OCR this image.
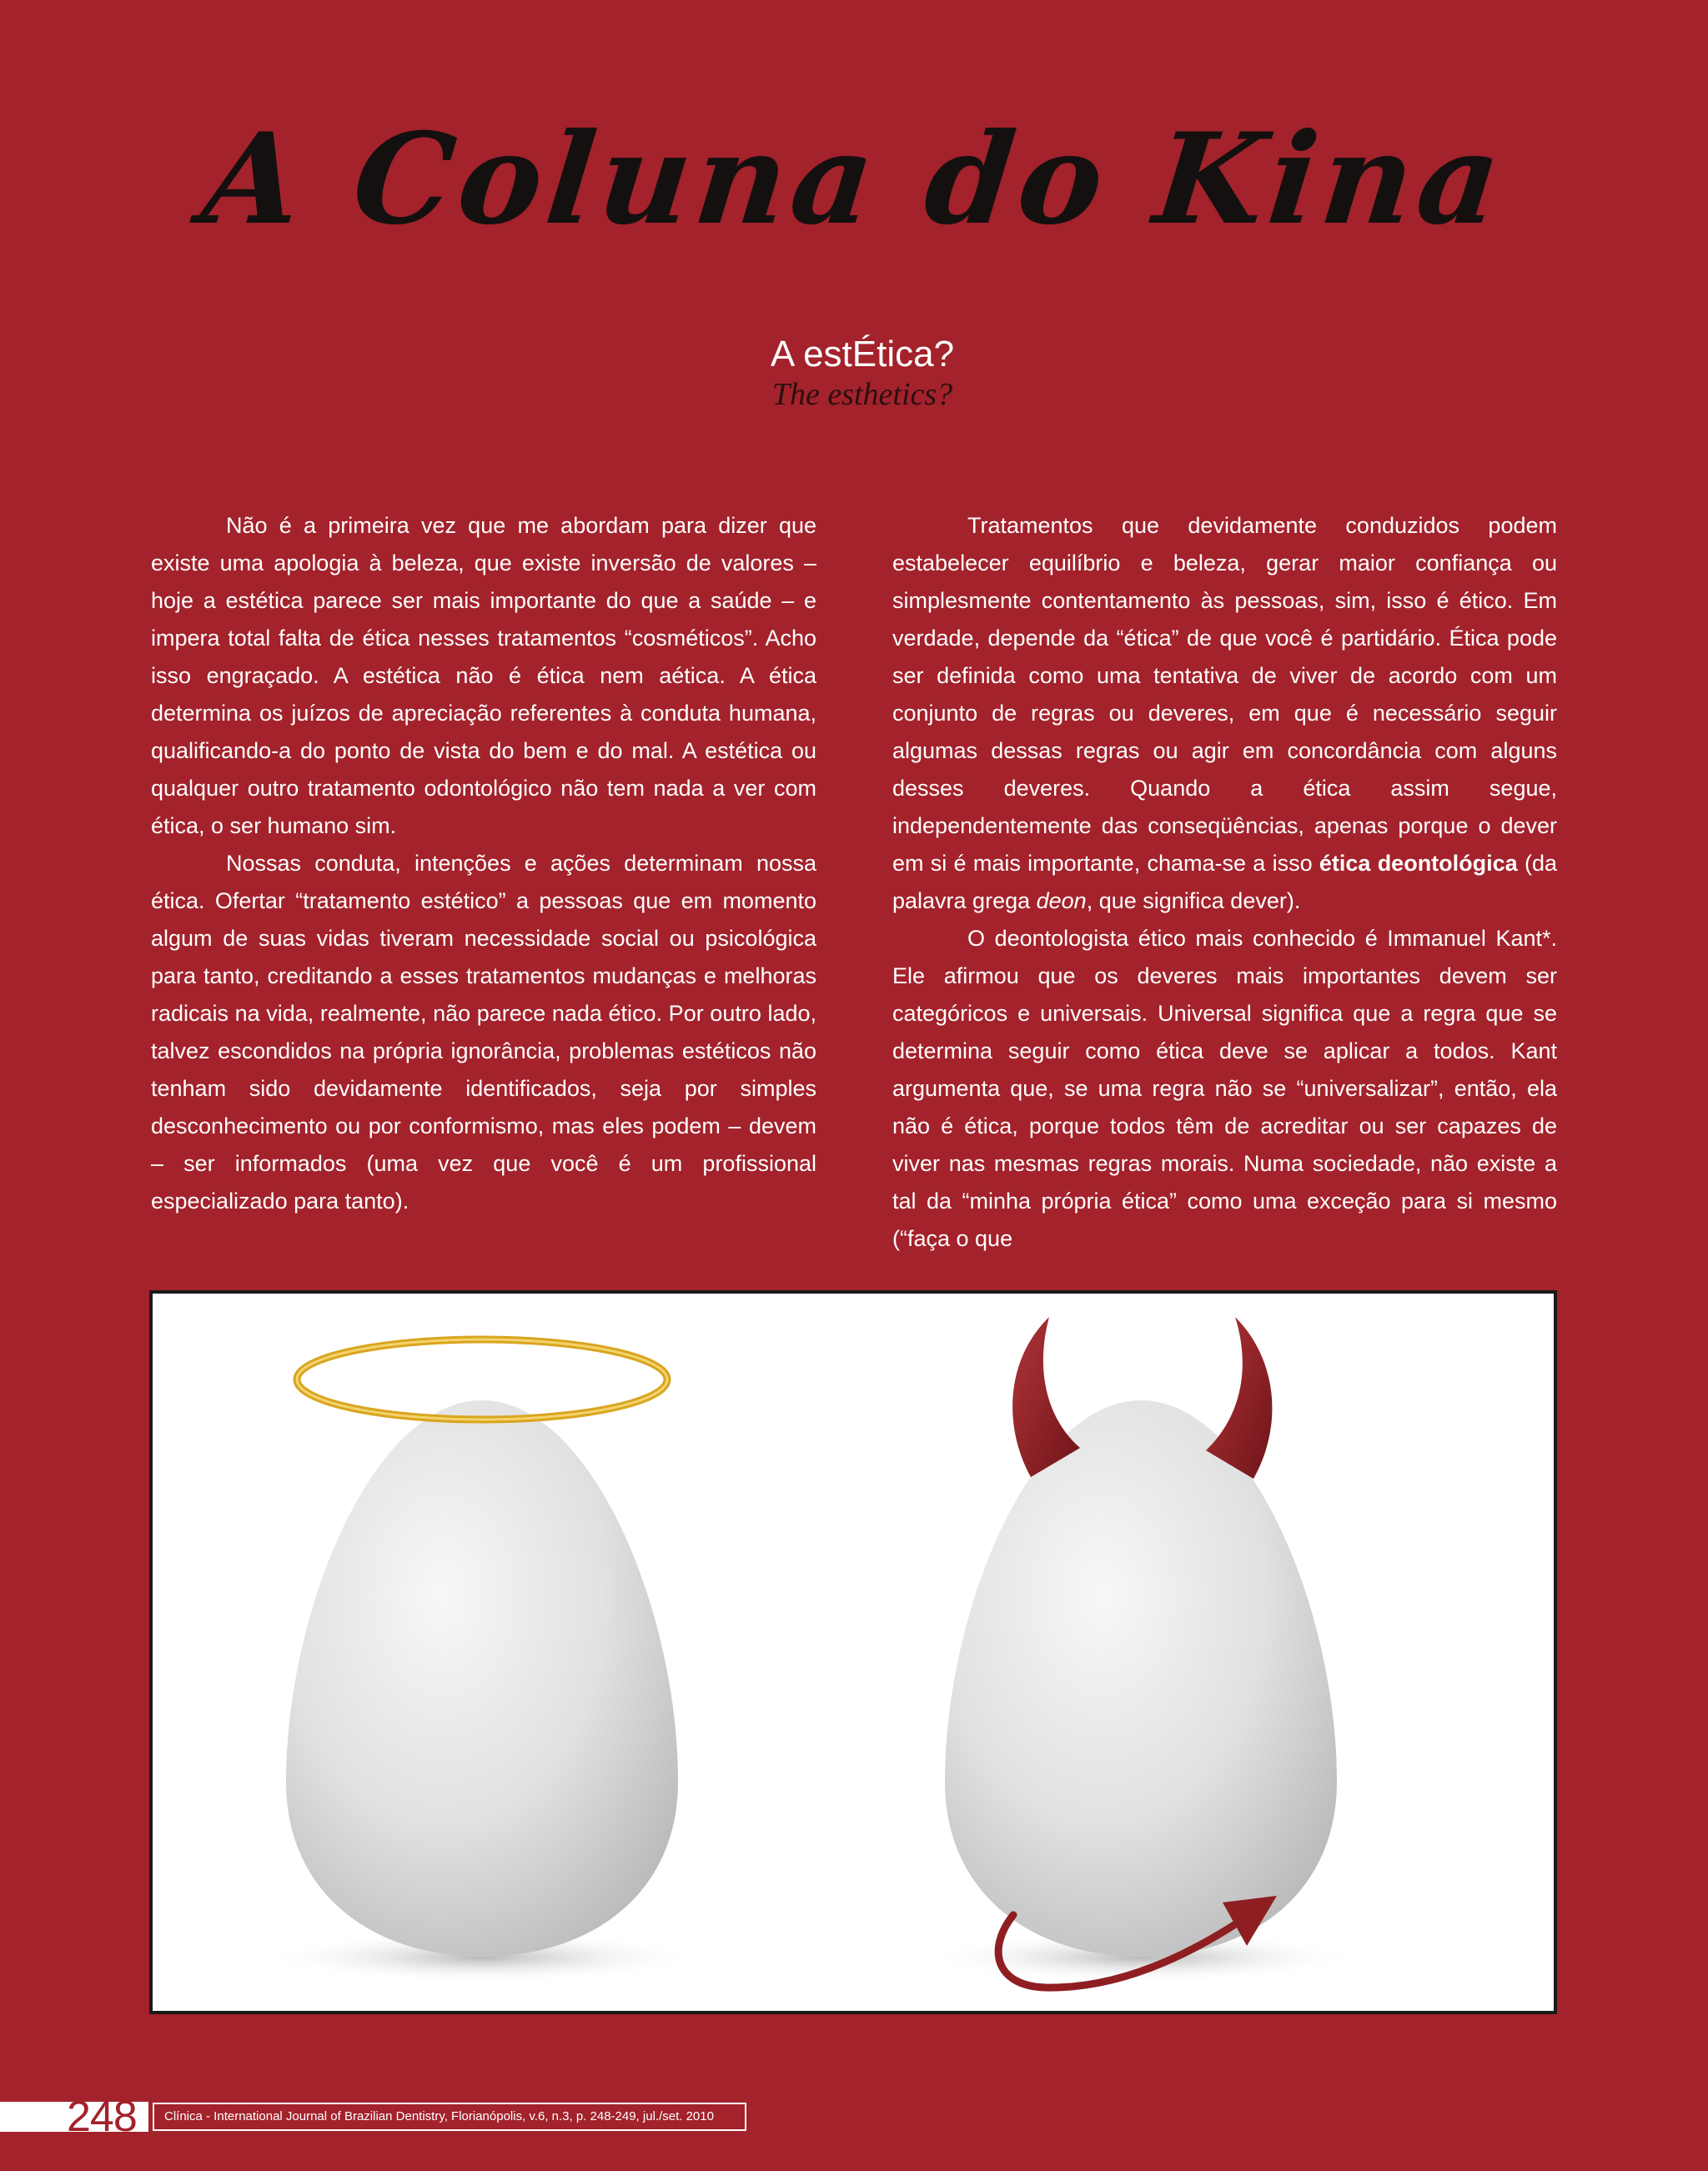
A Coluna do Kina
A estÉtica?
The esthetics?

Não é a primeira vez que me abordam para dizer que existe uma apologia à beleza, que existe inversão de valores – hoje a estética parece ser mais importante do que a saúde – e impera total falta de ética nesses tratamentos “cosméticos”. Acho isso engraçado. A estética não é ética nem aética. A ética determina os juízos de apreciação referentes à conduta humana, qualificando-a do ponto de vista do bem e do mal. A estética ou qualquer outro tratamento odontológico não tem nada a ver com ética, o ser humano sim.

Nossas conduta, intenções e ações determinam nossa ética. Ofertar “tratamento estético” a pessoas que em momento algum de suas vidas tiveram necessidade social ou psicológica para tanto, creditando a esses tratamentos mudanças e melhoras radicais na vida, realmente, não parece nada ético. Por outro lado, talvez escondidos na própria ignorância, problemas estéticos não tenham sido devidamente identificados, seja por simples desconhecimento ou por conformismo, mas eles podem – devem – ser informados (uma vez que você é um profissional especializado para tanto).

Tratamentos que devidamente conduzidos podem estabelecer equilíbrio e beleza, gerar maior confiança ou simplesmente contentamento às pessoas, sim, isso é ético. Em verdade, depende da “ética” de que você é partidário. Ética pode ser definida como uma tentativa de viver de acordo com um conjunto de regras ou deveres, em que é necessário seguir algumas dessas regras ou agir em concordância com alguns desses deveres. Quando a ética assim segue, independentemente das conseqüências, apenas porque o dever em si é mais importante, chama-se a isso ética deontológica (da palavra grega deon, que significa dever).

O deontologista ético mais conhecido é Immanuel Kant*. Ele afirmou que os deveres mais importantes devem ser categóricos e universais. Universal significa que a regra que se determina seguir como ética deve se aplicar a todos. Kant argumenta que, se uma regra não se “universalizar”, então, ela não é ética, porque todos têm de acreditar ou ser capazes de viver nas mesmas regras morais. Numa sociedade, não existe a tal da “minha própria ética” como uma exceção para si mesmo (“faça o que

248	Clínica - International Journal of Brazilian Dentistry, Florianópolis, v.6, n.3, p. 248-249, jul./set. 2010
